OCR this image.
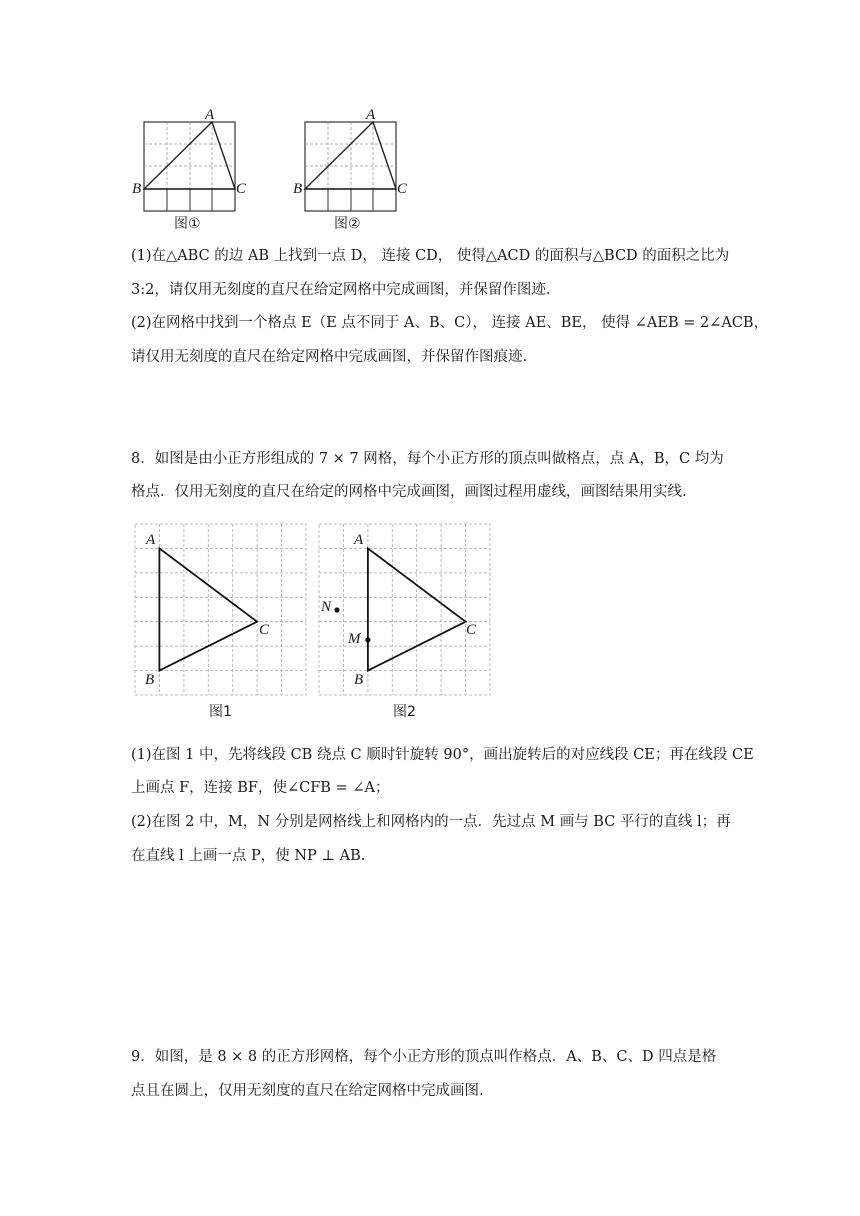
A
B	C
图①
A
B	C
图②

(1)在△ABC 的边 AB 上找到一点 D， 连接 CD， 使得△ACD 的面积与△BCD 的面积之比为

3:2，请仅用无刻度的直尺在给定网格中完成画图，并保留作图迹.

(2)在网格中找到一个格点 E（E 点不同于 A、B、C）， 连接 AE、BE， 使得 ∠AEB = 2∠ACB，

请仅用无刻度的直尺在给定网格中完成画图，并保留作图痕迹.

8．如图是由小正方形组成的 7 × 7 网格，每个小正方形的顶点叫做格点，点 A，B，C 均为

格点．仅用无刻度的直尺在给定的网格中完成画图，画图过程用虚线，画图结果用实线.

A
B
C
图1
A
B
C
M
N
图2

(1)在图 1 中，先将线段 CB 绕点 C 顺时针旋转 90°，画出旋转后的对应线段 CE；再在线段 CE

上画点 F，连接 BF，使∠CFB = ∠A；

(2)在图 2 中，M，N 分别是网格线上和网格内的一点．先过点 M 画与 BC 平行的直线 l；再

在直线 l 上画一点 P，使 NP ⊥ AB.

9．如图，是 8 × 8 的正方形网格，每个小正方形的顶点叫作格点．A、B、C、D 四点是格

点且在圆上，仅用无刻度的直尺在给定网格中完成画图.
